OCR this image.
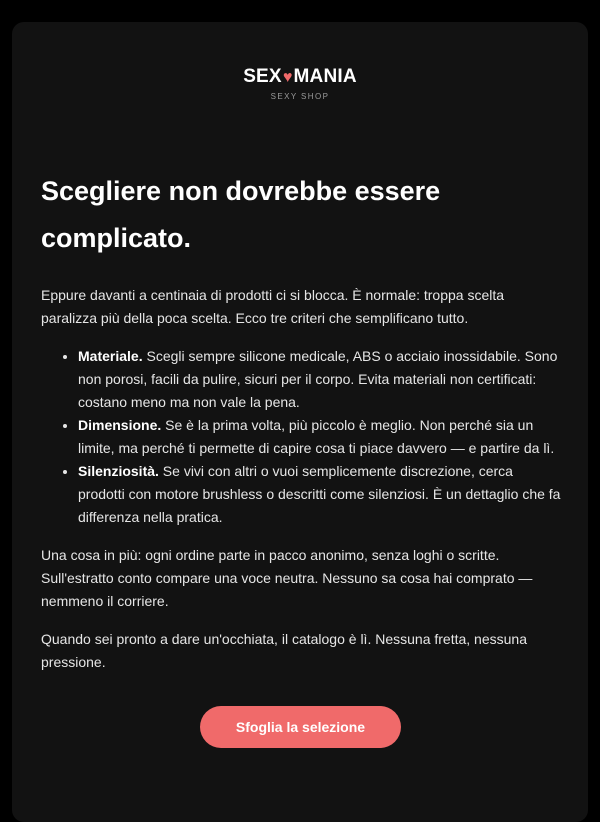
SEX♥MANIA
SEXY SHOP
Scegliere non dovrebbe essere complicato.

Eppure davanti a centinaia di prodotti ci si blocca. È normale: troppa scelta paralizza più della poca scelta. Ecco tre criteri che semplificano tutto.

• Materiale. Scegli sempre silicone medicale, ABS o acciaio inossidabile. Sono non porosi, facili da pulire, sicuri per il corpo. Evita materiali non certificati: costano meno ma non vale la pena.
• Dimensione. Se è la prima volta, più piccolo è meglio. Non perché sia un limite, ma perché ti permette di capire cosa ti piace davvero — e partire da lì.
• Silenziosità. Se vivi con altri o vuoi semplicemente discrezione, cerca prodotti con motore brushless o descritti come silenziosi. È un dettaglio che fa differenza nella pratica.

Una cosa in più: ogni ordine parte in pacco anonimo, senza loghi o scritte. Sull'estratto conto compare una voce neutra. Nessuno sa cosa hai comprato — nemmeno il corriere.

Quando sei pronto a dare un'occhiata, il catalogo è lì. Nessuna fretta, nessuna pressione.

Sfoglia la selezione
